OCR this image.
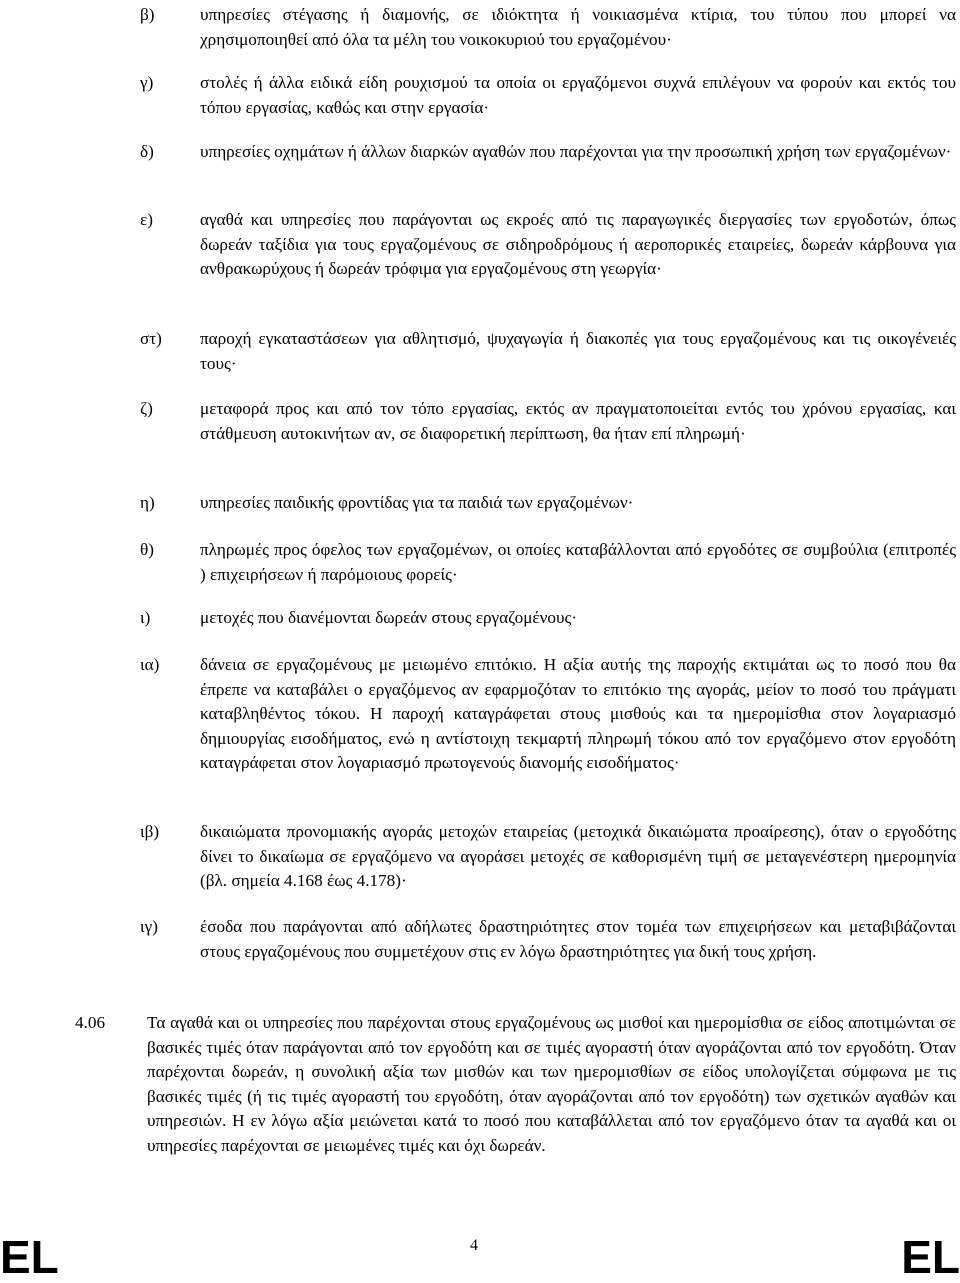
β)	υπηρεσίες στέγασης ή διαμονής, σε ιδιόκτητα ή νοικιασμένα κτίρια, του τύπου που μπορεί να χρησιμοποιηθεί από όλα τα μέλη του νοικοκυριού του εργαζομένου·
γ)	στολές ή άλλα ειδικά είδη ρουχισμού τα οποία οι εργαζόμενοι συχνά επιλέγουν να φορούν και εκτός του τόπου εργασίας, καθώς και στην εργασία·
δ)	υπηρεσίες οχημάτων ή άλλων διαρκών αγαθών που παρέχονται για την προσωπική χρήση των εργαζομένων·
ε)	αγαθά και υπηρεσίες που παράγονται ως εκροές από τις παραγωγικές διεργασίες των εργοδοτών, όπως δωρεάν ταξίδια για τους εργαζομένους σε σιδηροδρόμους ή αεροπορικές εταιρείες, δωρεάν κάρβουνα για ανθρακωρύχους ή δωρεάν τρόφιμα για εργαζομένους στη γεωργία·
στ)	παροχή εγκαταστάσεων για αθλητισμό, ψυχαγωγία ή διακοπές για τους εργαζομένους και τις οικογένειές τους·
ζ)	μεταφορά προς και από τον τόπο εργασίας, εκτός αν πραγματοποιείται εντός του χρόνου εργασίας, και στάθμευση αυτοκινήτων αν, σε διαφορετική περίπτωση, θα ήταν επί πληρωμή·
η)	υπηρεσίες παιδικής φροντίδας για τα παιδιά των εργαζομένων·
θ)	πληρωμές προς όφελος των εργαζομένων, οι οποίες καταβάλλονται από εργοδότες σε συμβούλια (επιτροπές ) επιχειρήσεων ή παρόμοιους φορείς·
ι)	μετοχές που διανέμονται δωρεάν στους εργαζομένους·
ια)	δάνεια σε εργαζομένους με μειωμένο επιτόκιο. Η αξία αυτής της παροχής εκτιμάται ως το ποσό που θα έπρεπε να καταβάλει ο εργαζόμενος αν εφαρμοζόταν το επιτόκιο της αγοράς, μείον το ποσό του πράγματι καταβληθέντος τόκου. Η παροχή καταγράφεται στους μισθούς και τα ημερομίσθια στον λογαριασμό δημιουργίας εισοδήματος, ενώ η αντίστοιχη τεκμαρτή πληρωμή τόκου από τον εργαζόμενο στον εργοδότη καταγράφεται στον λογαριασμό πρωτογενούς διανομής εισοδήματος·
ιβ)	δικαιώματα προνομιακής αγοράς μετοχών εταιρείας (μετοχικά δικαιώματα προαίρεσης), όταν ο εργοδότης δίνει το δικαίωμα σε εργαζόμενο να αγοράσει μετοχές σε καθορισμένη τιμή σε μεταγενέστερη ημερομηνία (βλ. σημεία 4.168 έως 4.178)·
ιγ)	έσοδα που παράγονται από αδήλωτες δραστηριότητες στον τομέα των επιχειρήσεων και μεταβιβάζονται στους εργαζομένους που συμμετέχουν στις εν λόγω δραστηριότητες για δική τους χρήση.
4.06 Τα αγαθά και οι υπηρεσίες που παρέχονται στους εργαζομένους ως μισθοί και ημερομίσθια σε είδος αποτιμώνται σε βασικές τιμές όταν παράγονται από τον εργοδότη και σε τιμές αγοραστή όταν αγοράζονται από τον εργοδότη. Όταν παρέχονται δωρεάν, η συνολική αξία των μισθών και των ημερομισθίων σε είδος υπολογίζεται σύμφωνα με τις βασικές τιμές (ή τις τιμές αγοραστή του εργοδότη, όταν αγοράζονται από τον εργοδότη) των σχετικών αγαθών και υπηρεσιών. Η εν λόγω αξία μειώνεται κατά το ποσό που καταβάλλεται από τον εργαζόμενο όταν τα αγαθά και οι υπηρεσίες παρέχονται σε μειωμένες τιμές και όχι δωρεάν.
EL	4	EL
